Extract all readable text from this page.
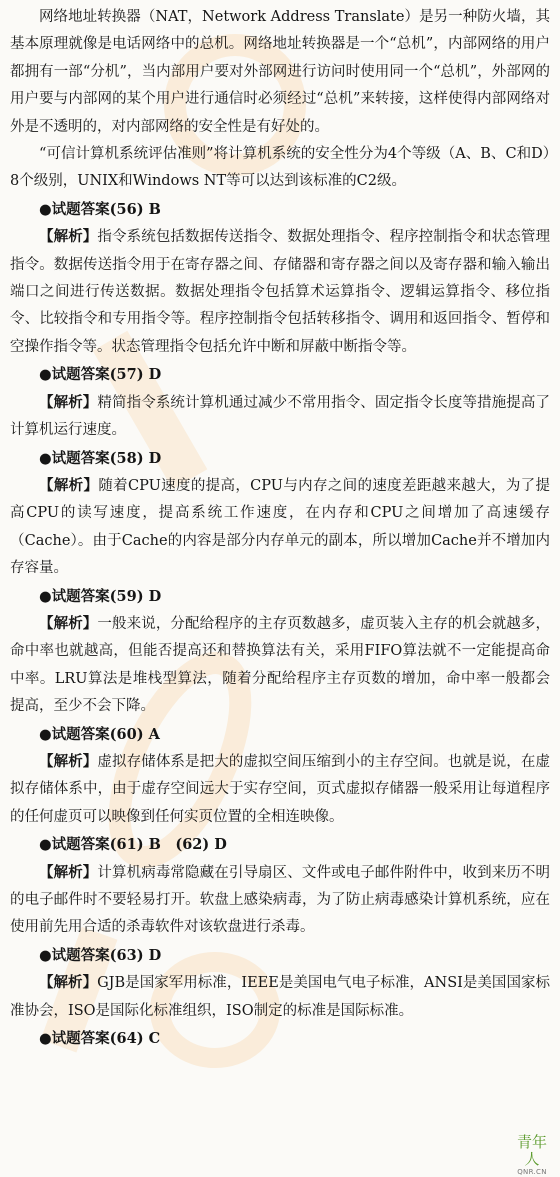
网络地址转换器（NAT，Network Address Translate）是另一种防火墙，其基本原理就像是电话网络中的总机。网络地址转换器是一个“总机”，内部网络的用户都拥有一部“分机”，当内部用户要对外部网进行访问时使用同一个“总机”，外部网的用户要与内部网的某个用户进行通信时必须经过“总机”来转接，这样使得内部网络对外是不透明的，对内部网络的安全性是有好处的。

“可信计算机系统评估准则”将计算机系统的安全性分为4个等级（A、B、C和D）8个级别，UNIX和Windows NT等可以达到该标准的C2级。

●试题答案(56) B

【解析】指令系统包括数据传送指令、数据处理指令、程序控制指令和状态管理指令。数据传送指令用于在寄存器之间、存储器和寄存器之间以及寄存器和输入输出端口之间进行传送数据。数据处理指令包括算术运算指令、逻辑运算指令、移位指令、比较指令和专用指令等。程序控制指令包括转移指令、调用和返回指令、暂停和空操作指令等。状态管理指令包括允许中断和屏蔽中断指令等。

●试题答案(57) D

【解析】精简指令系统计算机通过减少不常用指令、固定指令长度等措施提高了计算机运行速度。

●试题答案(58) D

【解析】随着CPU速度的提高，CPU与内存之间的速度差距越来越大，为了提高CPU的读写速度，提高系统工作速度，在内存和CPU之间增加了高速缓存（Cache）。由于Cache的内容是部分内存单元的副本，所以增加Cache并不增加内存容量。

●试题答案(59) D

【解析】一般来说，分配给程序的主存页数越多，虚页装入主存的机会就越多，命中率也就越高，但能否提高还和替换算法有关，采用FIFO算法就不一定能提高命中率。LRU算法是堆栈型算法，随着分配给程序主存页数的增加，命中率一般都会提高，至少不会下降。

●试题答案(60) A

【解析】虚拟存储体系是把大的虚拟空间压缩到小的主存空间。也就是说，在虚拟存储体系中，由于虚存空间远大于实存空间，页式虚拟存储器一般采用让每道程序的任何虚页可以映像到任何实页位置的全相连映像。

●试题答案(61) B　(62) D

【解析】计算机病毒常隐藏在引导扇区、文件或电子邮件附件中，收到来历不明的电子邮件时不要轻易打开。软盘上感染病毒，为了防止病毒感染计算机系统，应在使用前先用合适的杀毒软件对该软盘进行杀毒。

●试题答案(63) D

【解析】GJB是国家军用标准，IEEE是美国电气电子标准，ANSI是美国国家标准协会，ISO是国际化标准组织，ISO制定的标准是国际标准。

●试题答案(64) C

青年人
QNR.CN
